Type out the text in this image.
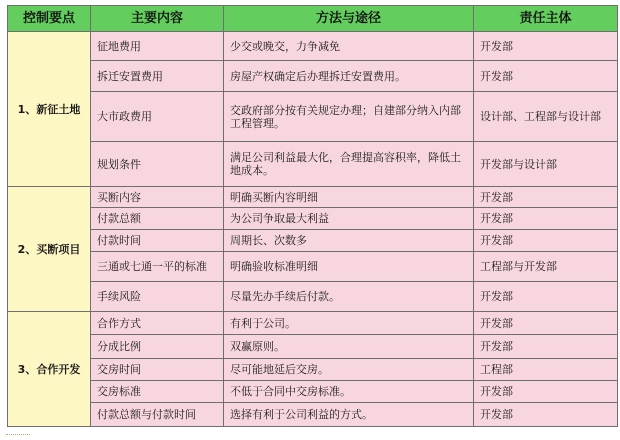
控制要点	主要内容	方法与途径	责任主体
1、新征土地	征地费用	少交或晚交，力争减免	开发部
	拆迁安置费用	房屋产权确定后办理拆迁安置费用。	开发部
	大市政费用	交政府部分按有关规定办理；自建部分纳入内部工程管理。	设计部、工程部与设计部
	规划条件	满足公司利益最大化，合理提高容积率，降低土地成本。	开发部与设计部
2、买断项目	买断内容	明确买断内容明细	开发部
	付款总额	为公司争取最大利益	开发部
	付款时间	周期长、次数多	开发部
	三通或七通一平的标准	明确验收标准明细	工程部与开发部
	手续风险	尽量先办手续后付款。	开发部
3、合作开发	合作方式	有利于公司。	开发部
	分成比例	双赢原则。	开发部
	交房时间	尽可能地延后交房。	工程部
	交房标准	不低于合同中交房标准。	开发部
	付款总额与付款时间	选择有利于公司利益的方式。	开发部
